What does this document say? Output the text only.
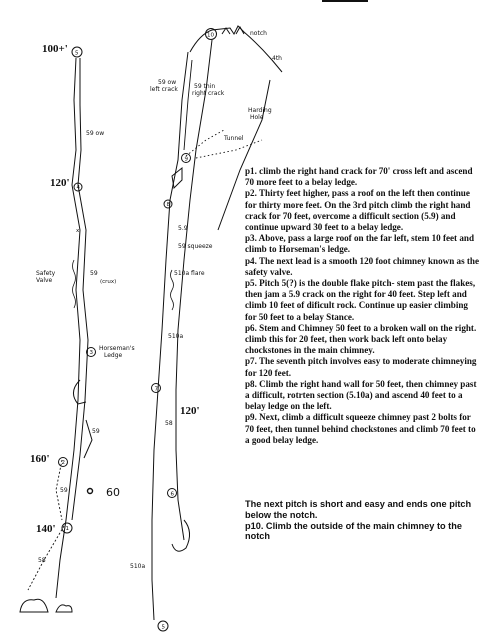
x
5
4
3
2
1
100+'
120'
160'
140'
59 ow
Safety
Valve
59
(crux)
Horseman's
Ledge
59
59
58
60
10
9
8
7
6
5
notch
4th
59 ow
left crack	59 thin
right crack
Harding
Hole
Tunnel
5.9
59 squeeze
510a flare
510a
120'
58
510a

p1. climb the right hand crack for 70' cross left and ascend 70 more feet to a belay ledge.

p2. Thirty feet higher, pass a roof on the left then continue for thirty more feet. On the 3rd pitch climb the right hand crack for 70 feet, overcome a difficult section (5.9) and continue upward 30 feet to a belay ledge.

p3. Above, pass a large roof on the far left, stem 10 feet and climb to Horseman's ledge.

p4. The next lead is a smooth 120 foot chimney known as the safety valve.

p5. Pitch 5(?) is the double flake pitch- stem past the flakes, then jam a 5.9 crack on the right for 40 feet. Step left and climb 10 feet of dificult rock. Continue up easier climbing for 50 feet to a belay Stance.

p6. Stem and Chimney 50 feet to a broken wall on the right. climb this for 20 feet, then work back left onto belay chockstones in the main chimney.

p7. The seventh pitch involves easy to moderate chimneying for 120 feet.

p8. Climb the right hand wall for 50 feet, then chimney past a difficult, rotrten section (5.10a) and ascend 40 feet to a belay ledge on the left.

p9. Next, climb a difficult squeeze chimney past 2 bolts for 70 feet, then tunnel behind chockstones and climb 70 feet to a good belay ledge.

The next pitch is short and easy and ends one pitch below the notch.

p10. Climb the outside of the main chimney to the notch
